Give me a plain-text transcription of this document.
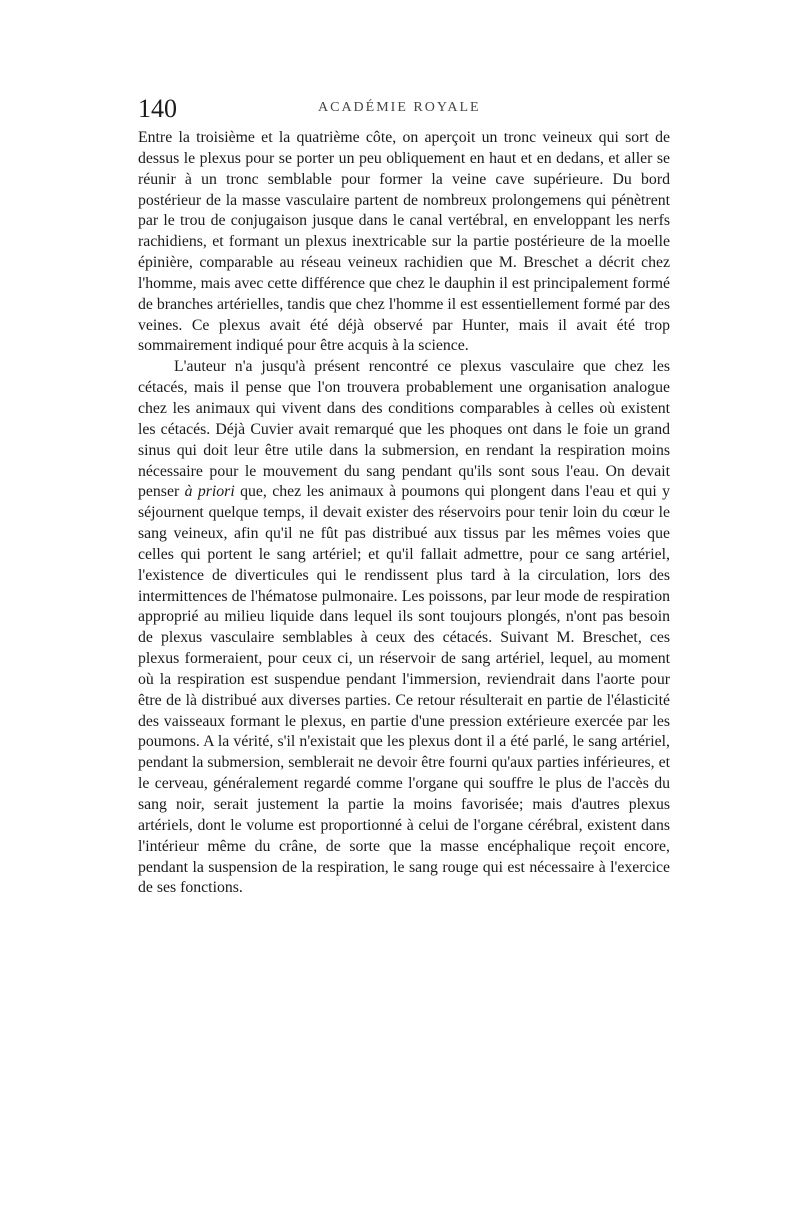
140	ACADÉMIE ROYALE

Entre la troisième et la quatrième côte, on aperçoit un tronc veineux qui sort de dessus le plexus pour se porter un peu obliquement en haut et en dedans, et aller se réunir à un tronc semblable pour former la veine cave supérieure. Du bord postérieur de la masse vasculaire partent de nombreux prolongemens qui pénètrent par le trou de conjugaison jusque dans le canal vertébral, en enveloppant les nerfs rachidiens, et formant un plexus inextricable sur la partie postérieure de la moelle épinière, comparable au réseau veineux rachidien que M. Breschet a décrit chez l'homme, mais avec cette différence que chez le dauphin il est principalement formé de branches artérielles, tandis que chez l'homme il est essentiellement formé par des veines. Ce plexus avait été déjà observé par Hunter, mais il avait été trop sommairement indiqué pour être acquis à la science.

L'auteur n'a jusqu'à présent rencontré ce plexus vasculaire que chez les cétacés, mais il pense que l'on trouvera probablement une organisation analogue chez les animaux qui vivent dans des conditions comparables à celles où existent les cétacés. Déjà Cuvier avait remarqué que les phoques ont dans le foie un grand sinus qui doit leur être utile dans la submersion, en rendant la respiration moins nécessaire pour le mouvement du sang pendant qu'ils sont sous l'eau. On devait penser à priori que, chez les animaux à poumons qui plongent dans l'eau et qui y séjournent quelque temps, il devait exister des réservoirs pour tenir loin du cœur le sang veineux, afin qu'il ne fût pas distribué aux tissus par les mêmes voies que celles qui portent le sang artériel; et qu'il fallait admettre, pour ce sang artériel, l'existence de diverticules qui le rendissent plus tard à la circulation, lors des intermittences de l'hématose pulmonaire. Les poissons, par leur mode de respiration approprié au milieu liquide dans lequel ils sont toujours plongés, n'ont pas besoin de plexus vasculaire semblables à ceux des cétacés. Suivant M. Breschet, ces plexus formeraient, pour ceux ci, un réservoir de sang artériel, lequel, au moment où la respiration est suspendue pendant l'immersion, reviendrait dans l'aorte pour être de là distribué aux diverses parties. Ce retour résulterait en partie de l'élasticité des vaisseaux formant le plexus, en partie d'une pression extérieure exercée par les poumons. A la vérité, s'il n'existait que les plexus dont il a été parlé, le sang artériel, pendant la submersion, semblerait ne devoir être fourni qu'aux parties inférieures, et le cerveau, généralement regardé comme l'organe qui souffre le plus de l'accès du sang noir, serait justement la partie la moins favorisée; mais d'autres plexus artériels, dont le volume est proportionné à celui de l'organe cérébral, existent dans l'intérieur même du crâne, de sorte que la masse encéphalique reçoit encore, pendant la suspension de la respiration, le sang rouge qui est nécessaire à l'exercice de ses fonctions.
